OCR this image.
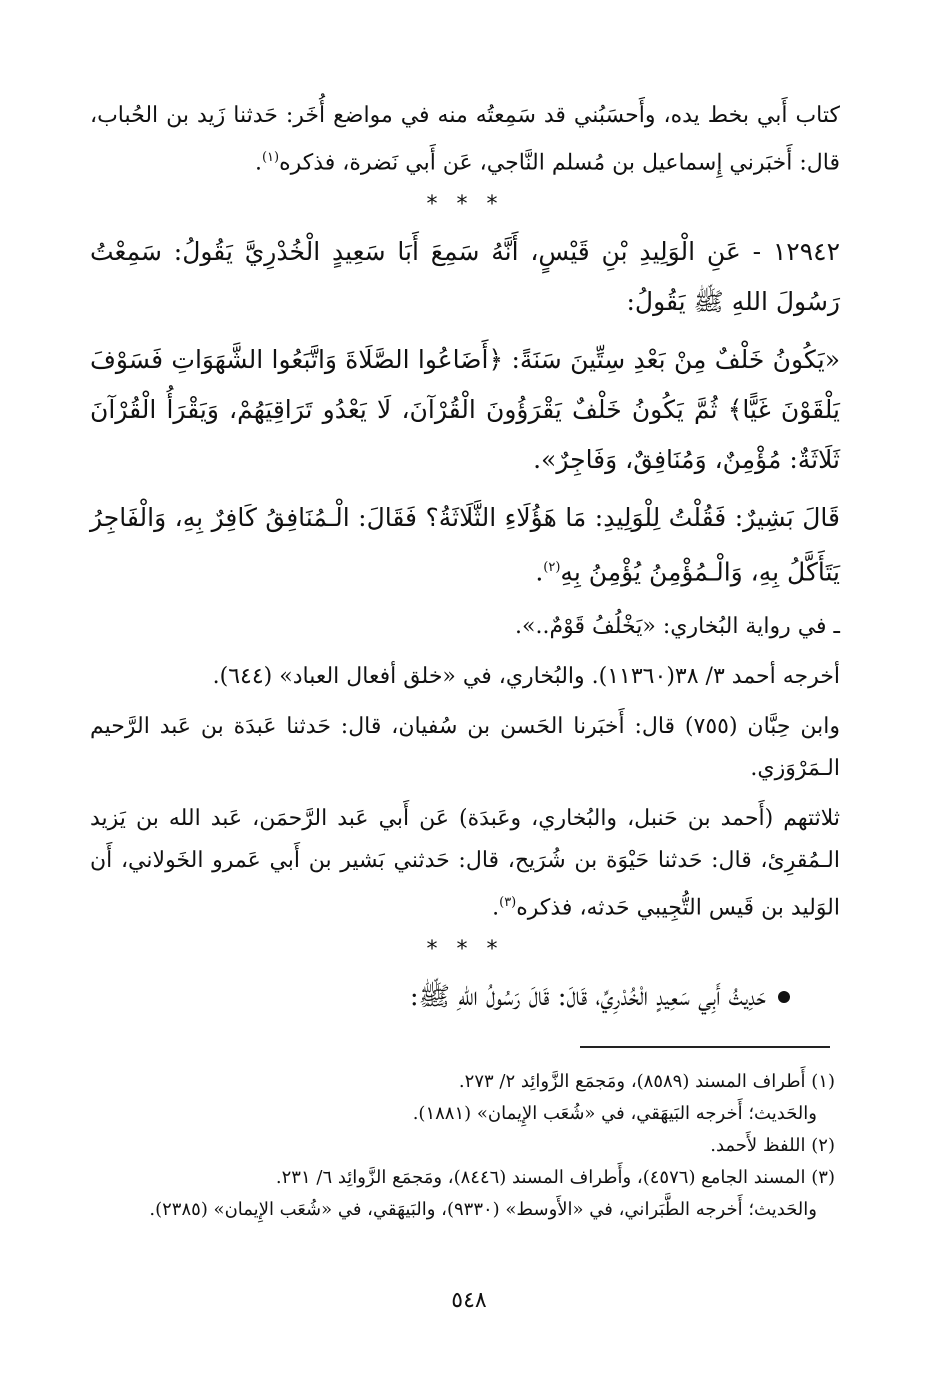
كتاب أَبي بخط يده، وأَحسَبُني قد سَمِعتُه منه في مواضع أُخَر: حَدثنا زَيد بن الحُباب، قال: أَخبَرني إِسماعيل بن مُسلم النَّاجي، عَن أَبي نَضرة، فذكره$^{(١)}$.

* * *

١٢٩٤٢ - عَنِ الْوَلِيدِ بْنِ قَيْسٍ، أَنَّهُ سَمِعَ أَبَا سَعِيدٍ الْخُدْرِيَّ يَقُولُ: سَمِعْتُ رَسُولَ اللهِ ﷺ يَقُولُ:

«يَكُونُ خَلْفٌ مِنْ بَعْدِ سِتِّينَ سَنَةً: ﴿أَضَاعُوا الصَّلَاةَ وَاتَّبَعُوا الشَّهَوَاتِ فَسَوْفَ يَلْقَوْنَ غَيًّا﴾ ثُمَّ يَكُونُ خَلْفٌ يَقْرَؤُونَ الْقُرْآنَ، لَا يَعْدُو تَرَاقِيَهُمْ، وَيَقْرَأُ الْقُرْآنَ ثَلَاثَةٌ: مُؤْمِنٌ، وَمُنَافِقٌ، وَفَاجِرٌ».

قَالَ بَشِيرٌ: فَقُلْتُ لِلْوَلِيدِ: مَا هَؤُلَاءِ الثَّلَاثَةُ؟ فَقَالَ: الْـمُنَافِقُ كَافِرٌ بِهِ، وَالْفَاجِرُ يَتَأَكَّلُ بِهِ، وَالْـمُؤْمِنُ يُؤْمِنُ بِهِ$^{(٢)}$.

ـ في رواية البُخاري: «يَخْلُفُ قَوْمٌ..».

أخرجه أحمد ٣/ ٣٨(١١٣٦٠). والبُخاري، في «خلق أفعال العباد» (٦٤٤).

وابن حِبَّان (٧٥٥) قال: أَخبَرنا الحَسن بن سُفيان، قال: حَدثنا عَبدَة بن عَبد الرَّحيم الـمَرْوَزي.

ثلاثتهم (أَحمد بن حَنبل، والبُخاري، وعَبدَة) عَن أَبي عَبد الرَّحمَن، عَبد الله بن يَزيد الـمُقرِئ، قال: حَدثنا حَيْوَة بن شُرَيح، قال: حَدثني بَشير بن أَبي عَمرو الخَولاني، أَن الوَليد بن قَيس التُّجِيبي حَدثه، فذكره$^{(٣)}$.

* * *
حَدِيثُ أَبِي سَعِيدٍ الْخُدْرِيِّ، قَالَ: قَالَ رَسُولُ اللهِ ﷺ:

(١) أَطراف المسند (٨٥٨٩)، ومَجمَع الزَّوائِد ٢/ ٢٧٣.

والحَديث؛ أَخرجه البَيهَقي، في «شُعَب الإِيمان» (١٨٨١).

(٢) اللفظ لأَحمد.

(٣) المسند الجامع (٤٥٧٦)، وأَطراف المسند (٨٤٤٦)، ومَجمَع الزَّوائِد ٦/ ٢٣١.

والحَديث؛ أَخرجه الطَّبَراني، في «الأَوسط» (٩٣٣٠)، والبَيهَقي، في «شُعَب الإِيمان» (٢٣٨٥).

٥٤٨
